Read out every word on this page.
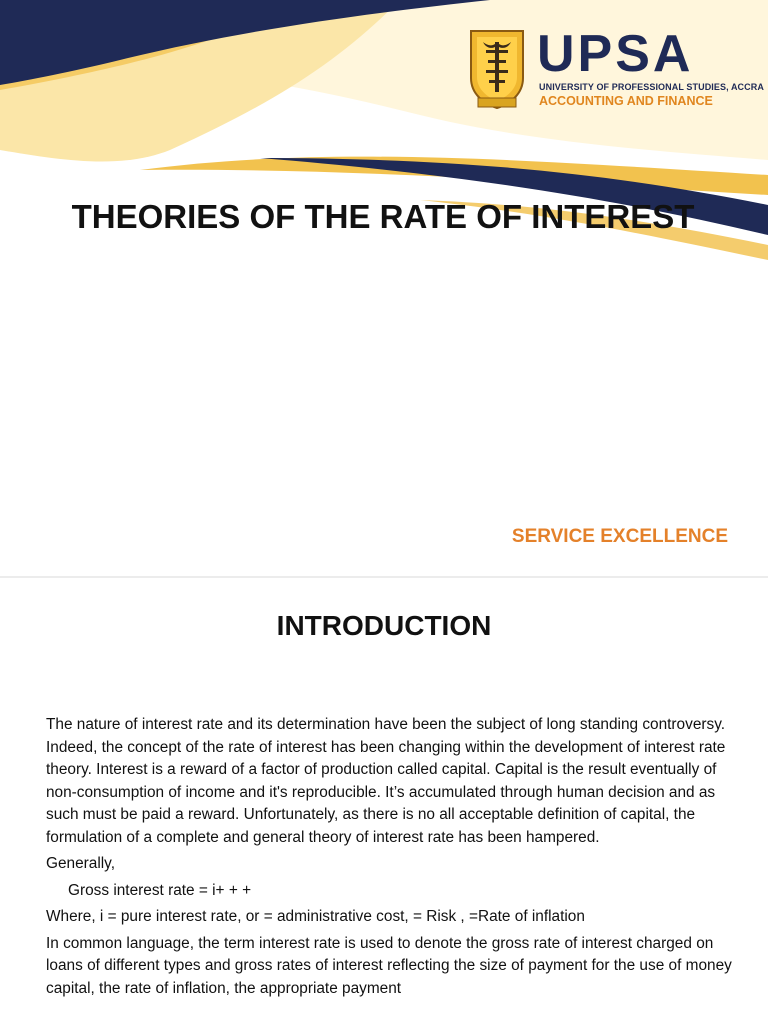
UPSA
UNIVERSITY OF PROFESSIONAL STUDIES, ACCRA
ACCOUNTING AND FINANCE
THEORIES OF THE RATE OF INTEREST
SERVICE EXCELLENCE
INTRODUCTION

The nature of interest rate and its determination have been the subject of long standing controversy. Indeed, the concept of the rate of interest has been changing within the development of interest rate theory. Interest is a reward of a factor of production called capital. Capital is the result eventually of non-consumption of income and it's reproducible. It’s accumulated through human decision and as such must be paid a reward. Unfortunately, as there is no all acceptable definition of capital, the formulation of a complete and general theory of interest rate has been hampered.

Generally,

Gross interest rate = i+ + +

Where, i = pure interest rate, or = administrative cost, = Risk , =Rate of inflation

In common language, the term interest rate is used to denote the gross rate of interest charged on loans of different types and gross rates of interest reflecting the size of payment for the use of money capital, the rate of inflation, the appropriate payment
